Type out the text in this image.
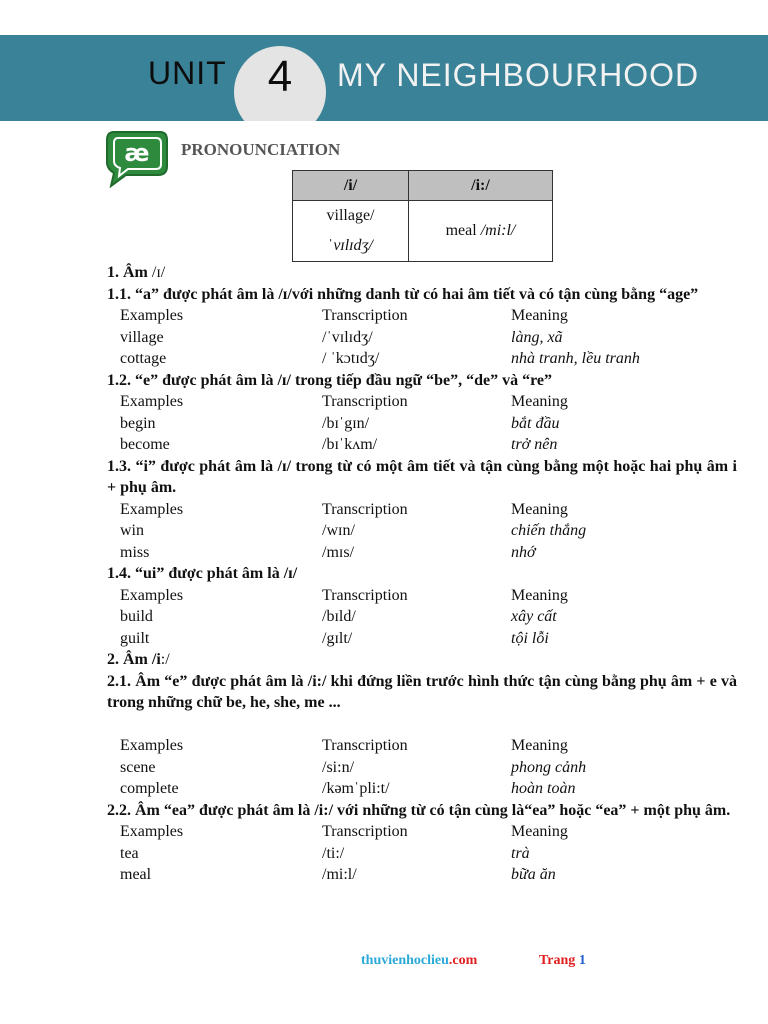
UNIT 4	MY NEIGHBOURHOOD
æ PRONOUNCIATION
/i/	/i:/

village/
ˈvɪlɪdʒ/	meal /mi:l/
1. Âm /ɪ/
1.1. “a” được phát âm là /ɪ/với những danh từ có hai âm tiết và có tận cùng bằng “age”
Examples	Transcription	Meaning
village	/ˈvɪlɪdʒ/	làng, xã
cottage	/ ˈkɔtɪdʒ/	nhà tranh, lều tranh
1.2. “e” được phát âm là /ɪ/ trong tiếp đầu ngữ “be”, “de” và “re”
Examples	Transcription	Meaning
begin	/bɪˈgɪn/	bắt đầu
become	/bɪˈkʌm/	trở nên
1.3. “i” được phát âm là /ɪ/ trong từ có một âm tiết và tận cùng bằng một hoặc hai phụ âm i + phụ âm.
Examples	Transcription	Meaning
win	/wɪn/	chiến thắng
miss	/mɪs/	nhớ
1.4. “ui” được phát âm là /ɪ/
Examples	Transcription	Meaning
build	/bɪld/	xây cất
guilt	/gɪlt/	tội lỗi
2. Âm /i:/
2.1. Âm “e” được phát âm là /i:/ khi đứng liền trước hình thức tận cùng bằng phụ âm + e và trong những chữ be, he, she, me ...
Examples	Transcription	Meaning
scene	/si:n/	phong cảnh
complete	/kəmˈpli:t/	hoàn toàn
2.2. Âm “ea” được phát âm là /i:/ với những từ có tận cùng là“ea” hoặc “ea” + một phụ âm.
Examples	Transcription	Meaning
tea	/ti:/	trà
meal	/mi:l/	bữa ăn
thuvienhoclieu.com	Trang 1
